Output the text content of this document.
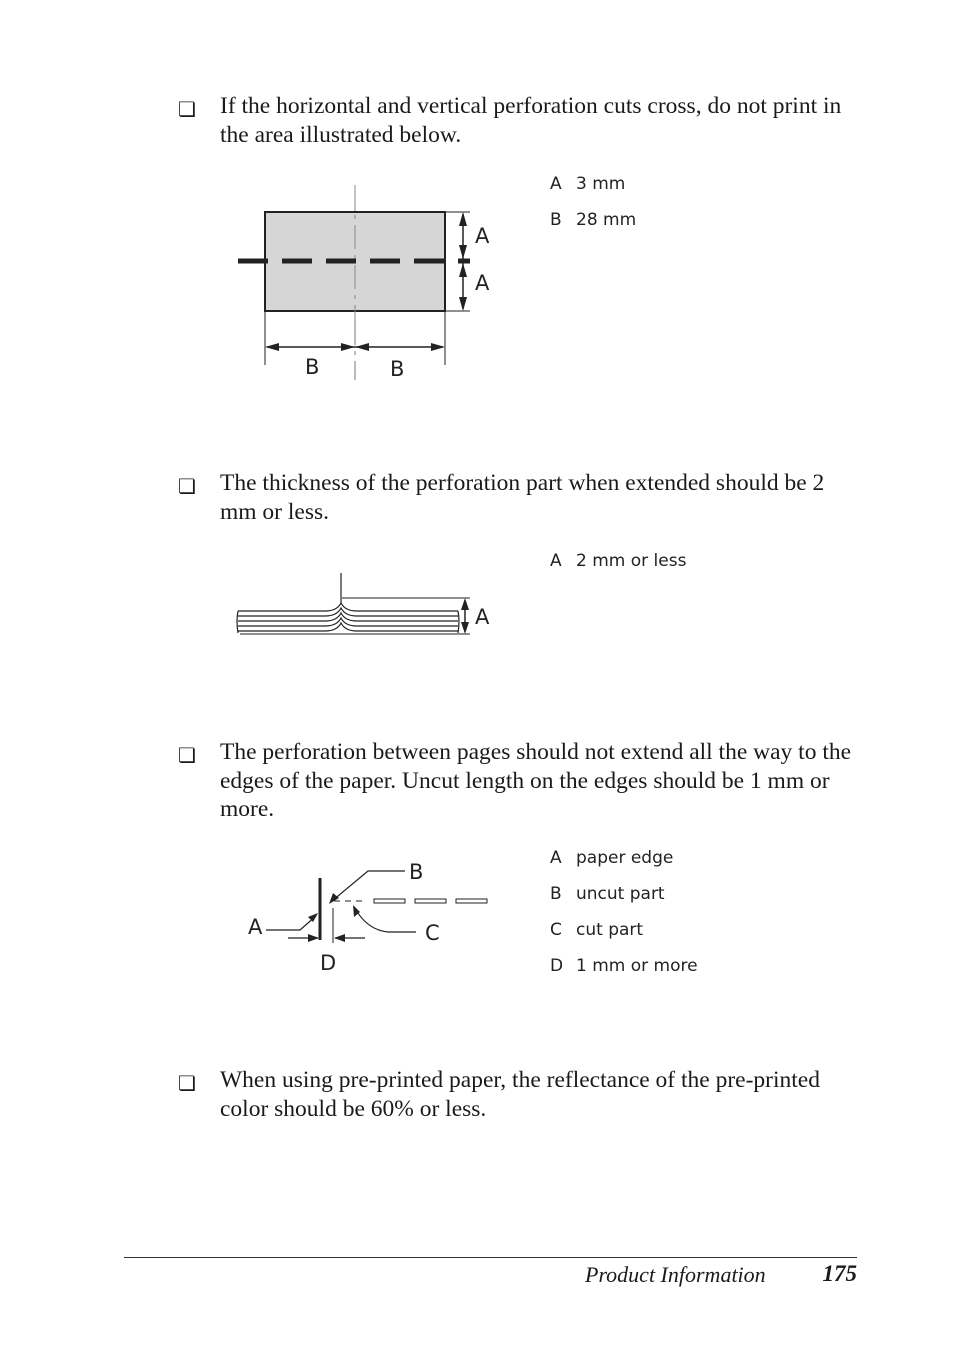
❏ If the horizontal and vertical perforation cuts cross, do not print in the area illustrated below.
A
A
B	B
A 3 mm
B 28 mm
❏ The thickness of the perforation part when extended should be 2 mm or less.
A
A 2 mm or less
❏ The perforation between pages should not extend all the way to the edges of the paper. Uncut length on the edges should be 1 mm or more.
B
A	C
D
A paper edge
B uncut part
C cut part
D 1 mm or more
❏ When using pre-printed paper, the reflectance of the pre-printed color should be 60% or less.
Product Information 175
